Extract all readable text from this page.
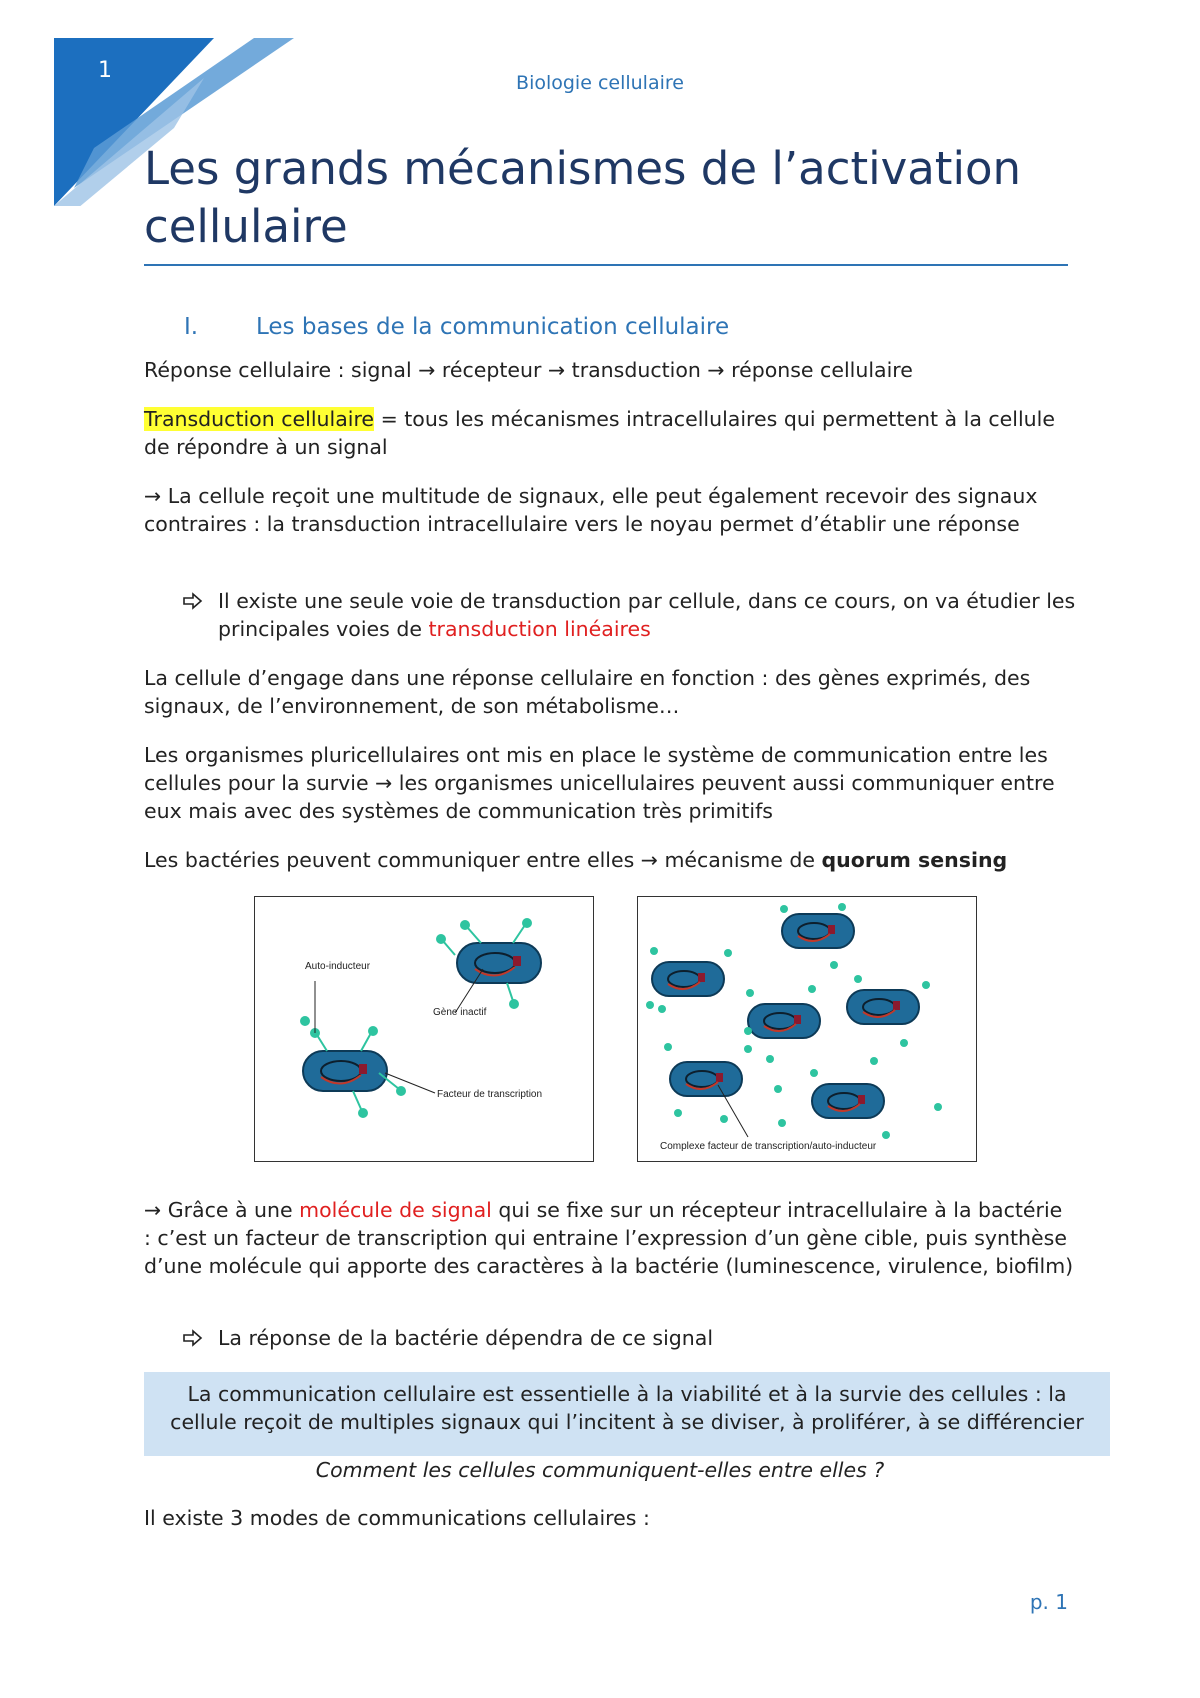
1	Biologie cellulaire
Les grands mécanismes de l’activation cellulaire
I.	Les bases de la communication cellulaire

Réponse cellulaire : signal → récepteur → transduction → réponse cellulaire

Transduction cellulaire = tous les mécanismes intracellulaires qui permettent à la cellule de répondre à un signal

→ La cellule reçoit une multitude de signaux, elle peut également recevoir des signaux contraires : la transduction intracellulaire vers le noyau permet d’établir une réponse

Il existe une seule voie de transduction par cellule, dans ce cours, on va étudier les principales voies de transduction linéaires

La cellule d’engage dans une réponse cellulaire en fonction : des gènes exprimés, des signaux, de l’environnement, de son métabolisme…

Les organismes pluricellulaires ont mis en place le système de communication entre les cellules pour la survie → les organismes unicellulaires peuvent aussi communiquer entre eux mais avec des systèmes de communication très primitifs

Les bactéries peuvent communiquer entre elles → mécanisme de quorum sensing

Auto-inducteur
Gène inactif
Facteur de transcription
Complexe facteur de transcription/auto-inducteur

→ Grâce à une molécule de signal qui se fixe sur un récepteur intracellulaire à la bactérie : c’est un facteur de transcription qui entraine l’expression d’un gène cible, puis synthèse d’une molécule qui apporte des caractères à la bactérie (luminescence, virulence, biofilm)

La réponse de la bactérie dépendra de ce signal

La communication cellulaire est essentielle à la viabilité et à la survie des cellules : la cellule reçoit de multiples signaux qui l’incitent à se diviser, à proliférer, à se différencier
Comment les cellules communiquent-elles entre elles ?

Il existe 3 modes de communications cellulaires :

p. 1
